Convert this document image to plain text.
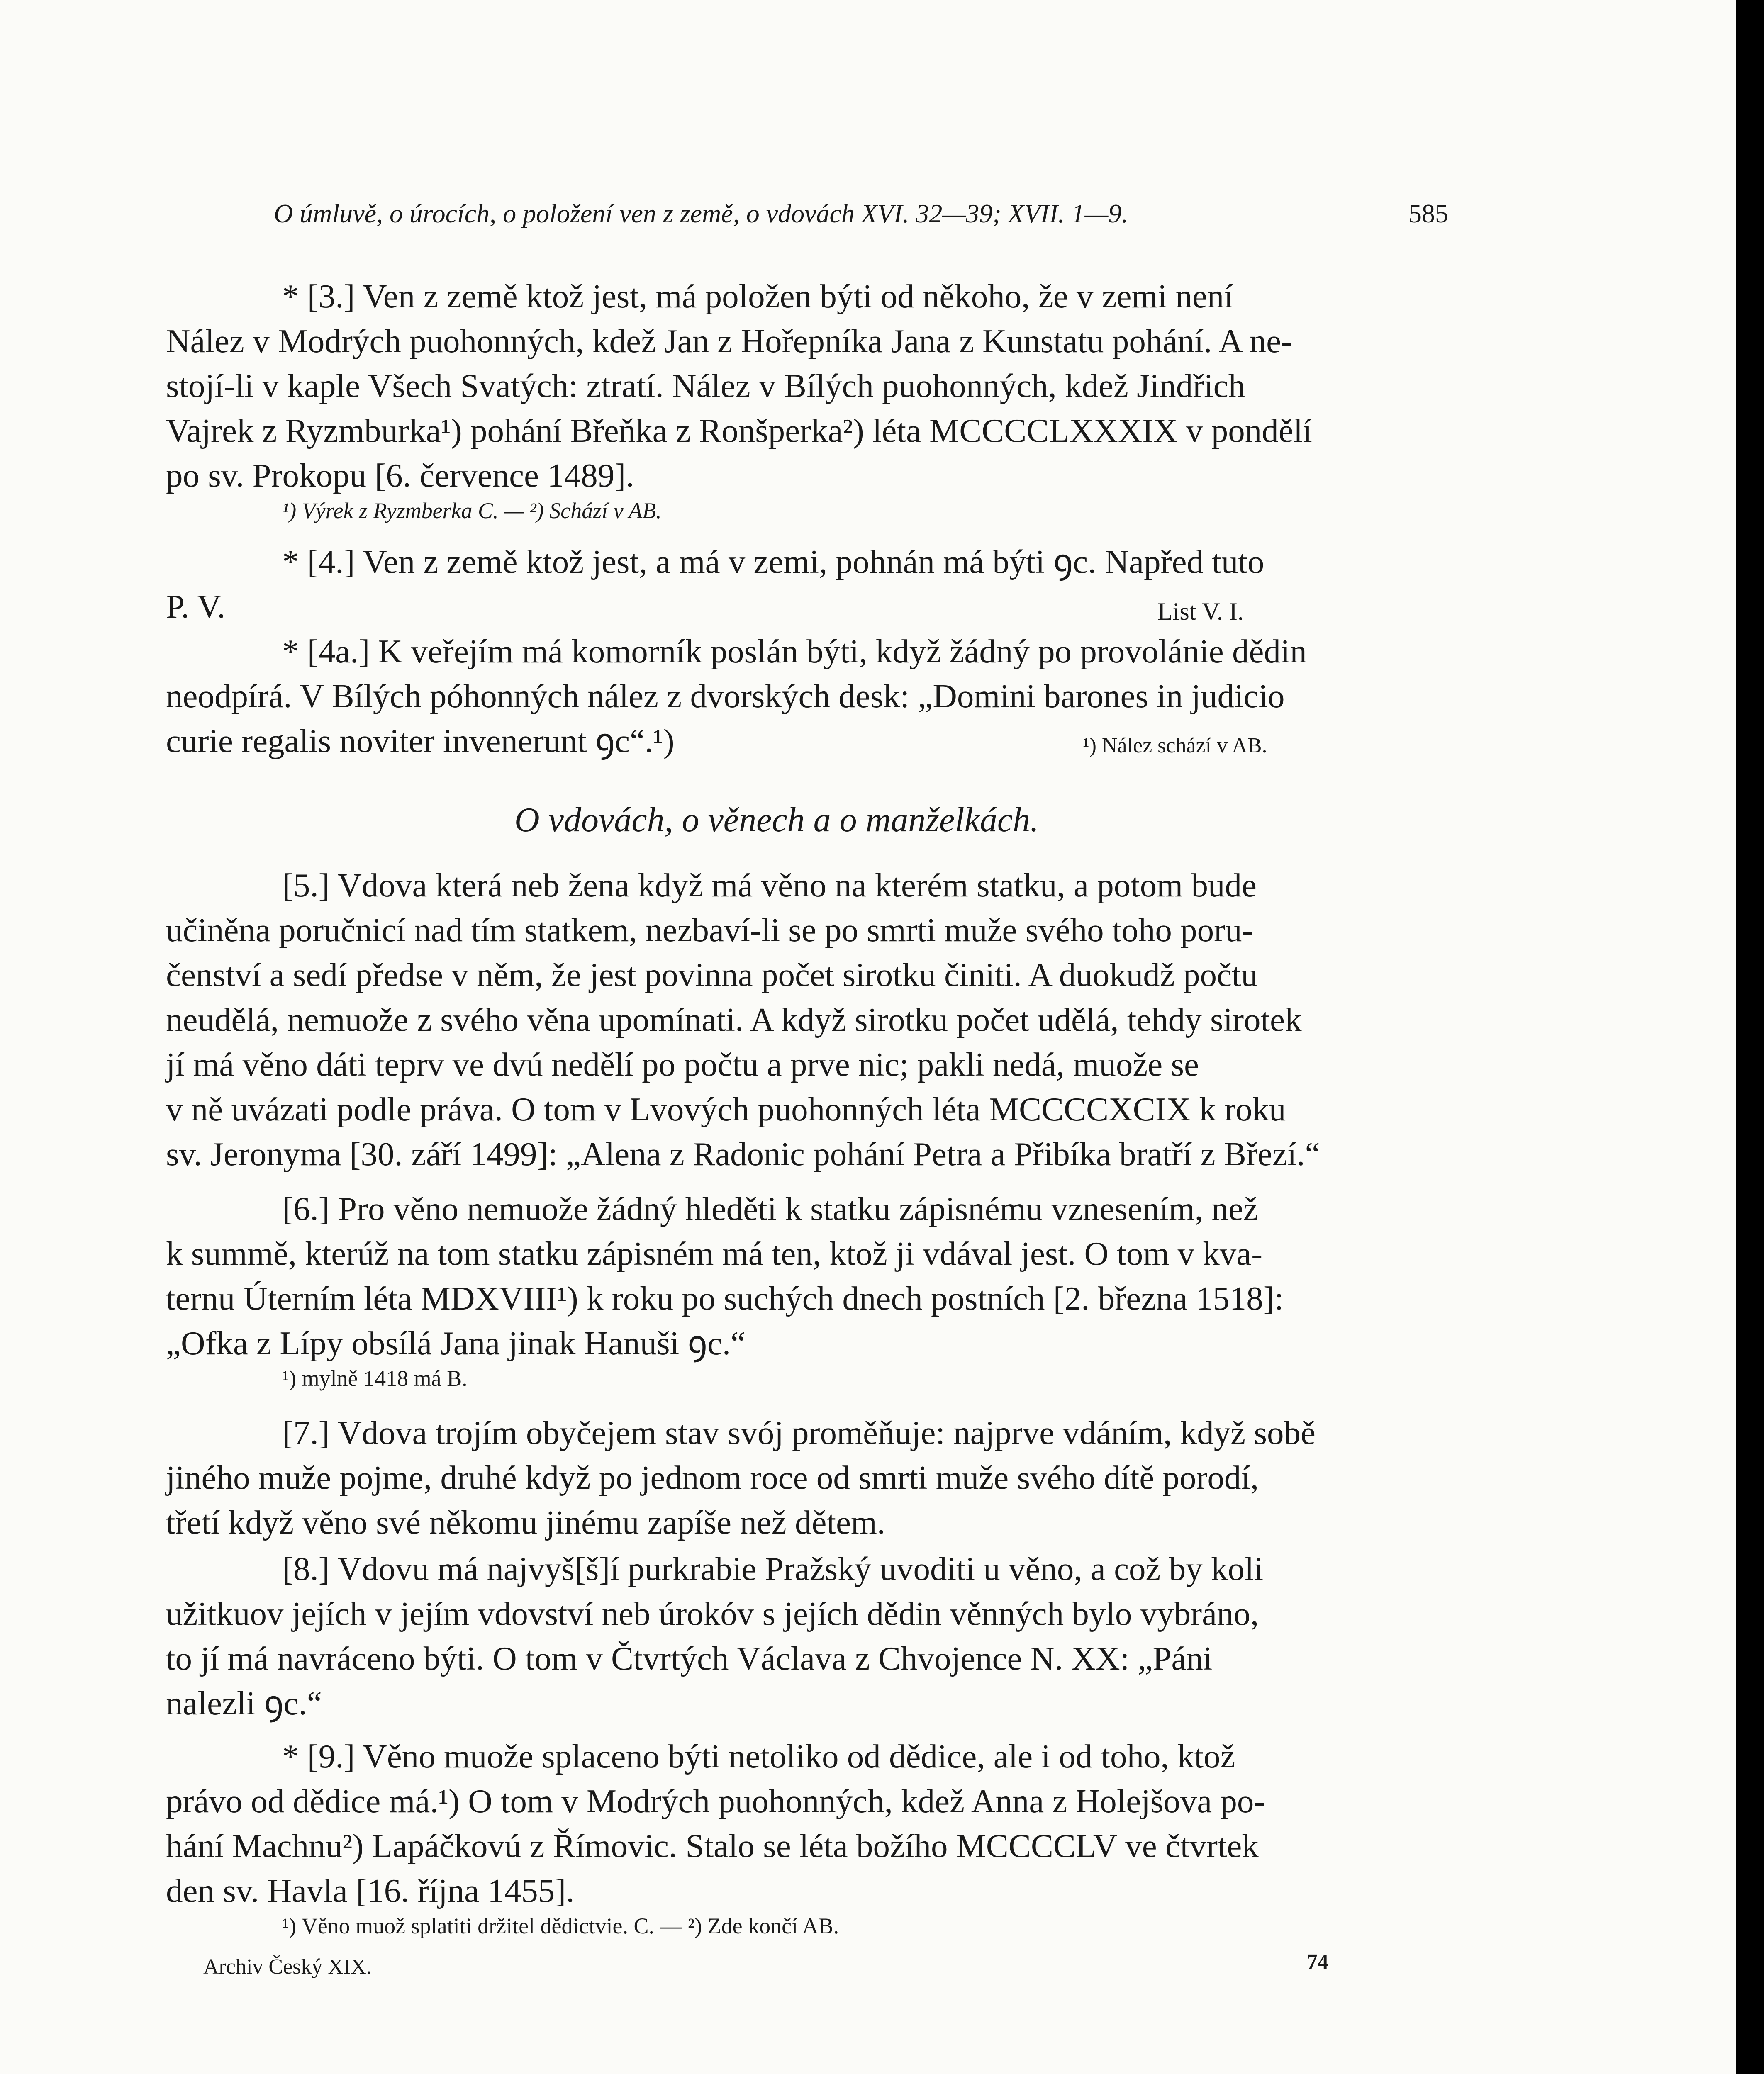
O úmluvě, o úrocích, o položení ven z země, o vdovách XVI. 32—39; XVII. 1—9.	585
* [3.] Ven z země ktož jest, má položen býti od někoho, že v zemi není
Nález v Modrých puohonných, kdež Jan z Hořepníka Jana z Kunstatu pohání. A ne-
stojí-li v kaple Všech Svatých: ztratí. Nález v Bílých puohonných, kdež Jindřich
Vajrek z Ryzmburka¹) pohání Břeňka z Ronšperka²) léta MCCCCLXXXIX v pondělí
po sv. Prokopu [6. července 1489].
¹) Výrek z Ryzmberka C. — ²) Schází v AB.
* [4.] Ven z země ktož jest, a má v zemi, pohnán má býti ꝯc. Napřed tuto
P. V.	List V. I.
* [4a.] K veřejím má komorník poslán býti, když žádný po provolánie dědin
neodpírá. V Bílých póhonných nález z dvorských desk: „Domini barones in judicio
curie regalis noviter invenerunt ꝯc“.¹)	¹) Nález schází v AB.
O vdovách, o věnech a o manželkách.
[5.] Vdova která neb žena když má věno na kterém statku, a potom bude
učiněna poručnicí nad tím statkem, nezbaví-li se po smrti muže svého toho poru-
čenství a sedí předse v něm, že jest povinna počet sirotku činiti. A duokudž počtu
neudělá, nemuože z svého věna upomínati. A když sirotku počet udělá, tehdy sirotek
jí má věno dáti teprv ve dvú nedělí po počtu a prve nic; pakli nedá, muože se
v ně uvázati podle práva. O tom v Lvových puohonných léta MCCCCXCIX k roku
sv. Jeronyma [30. září 1499]: „Alena z Radonic pohání Petra a Přibíka bratří z Březí.“
[6.] Pro věno nemuože žádný hleděti k statku zápisnému vznesením, než
k summě, kterúž na tom statku zápisném má ten, ktož ji vdával jest. O tom v kva-
ternu Úterním léta MDXVIII¹) k roku po suchých dnech postních [2. března 1518]:
„Ofka z Lípy obsílá Jana jinak Hanuši ꝯc.“
¹) mylně 1418 má B.
[7.] Vdova trojím obyčejem stav svój proměňuje: najprve vdáním, když sobě
jiného muže pojme, druhé když po jednom roce od smrti muže svého dítě porodí,
třetí když věno své někomu jinému zapíše než dětem.
[8.] Vdovu má najvyš[š]í purkrabie Pražský uvoditi u věno, a což by koli
užitkuov jejích v jejím vdovství neb úrokóv s jejích dědin věnných bylo vybráno,
to jí má navráceno býti. O tom v Čtvrtých Václava z Chvojence N. XX: „Páni
nalezli ꝯc.“
* [9.] Věno muože splaceno býti netoliko od dědice, ale i od toho, ktož
právo od dědice má.¹) O tom v Modrých puohonných, kdež Anna z Holejšova po-
hání Machnu²) Lapáčkovú z Římovic. Stalo se léta božího MCCCCLV ve čtvrtek
den sv. Havla [16. října 1455].
¹) Věno muož splatiti držitel dědictvie. C. — ²) Zde končí AB.
Archiv Český XIX.	74
